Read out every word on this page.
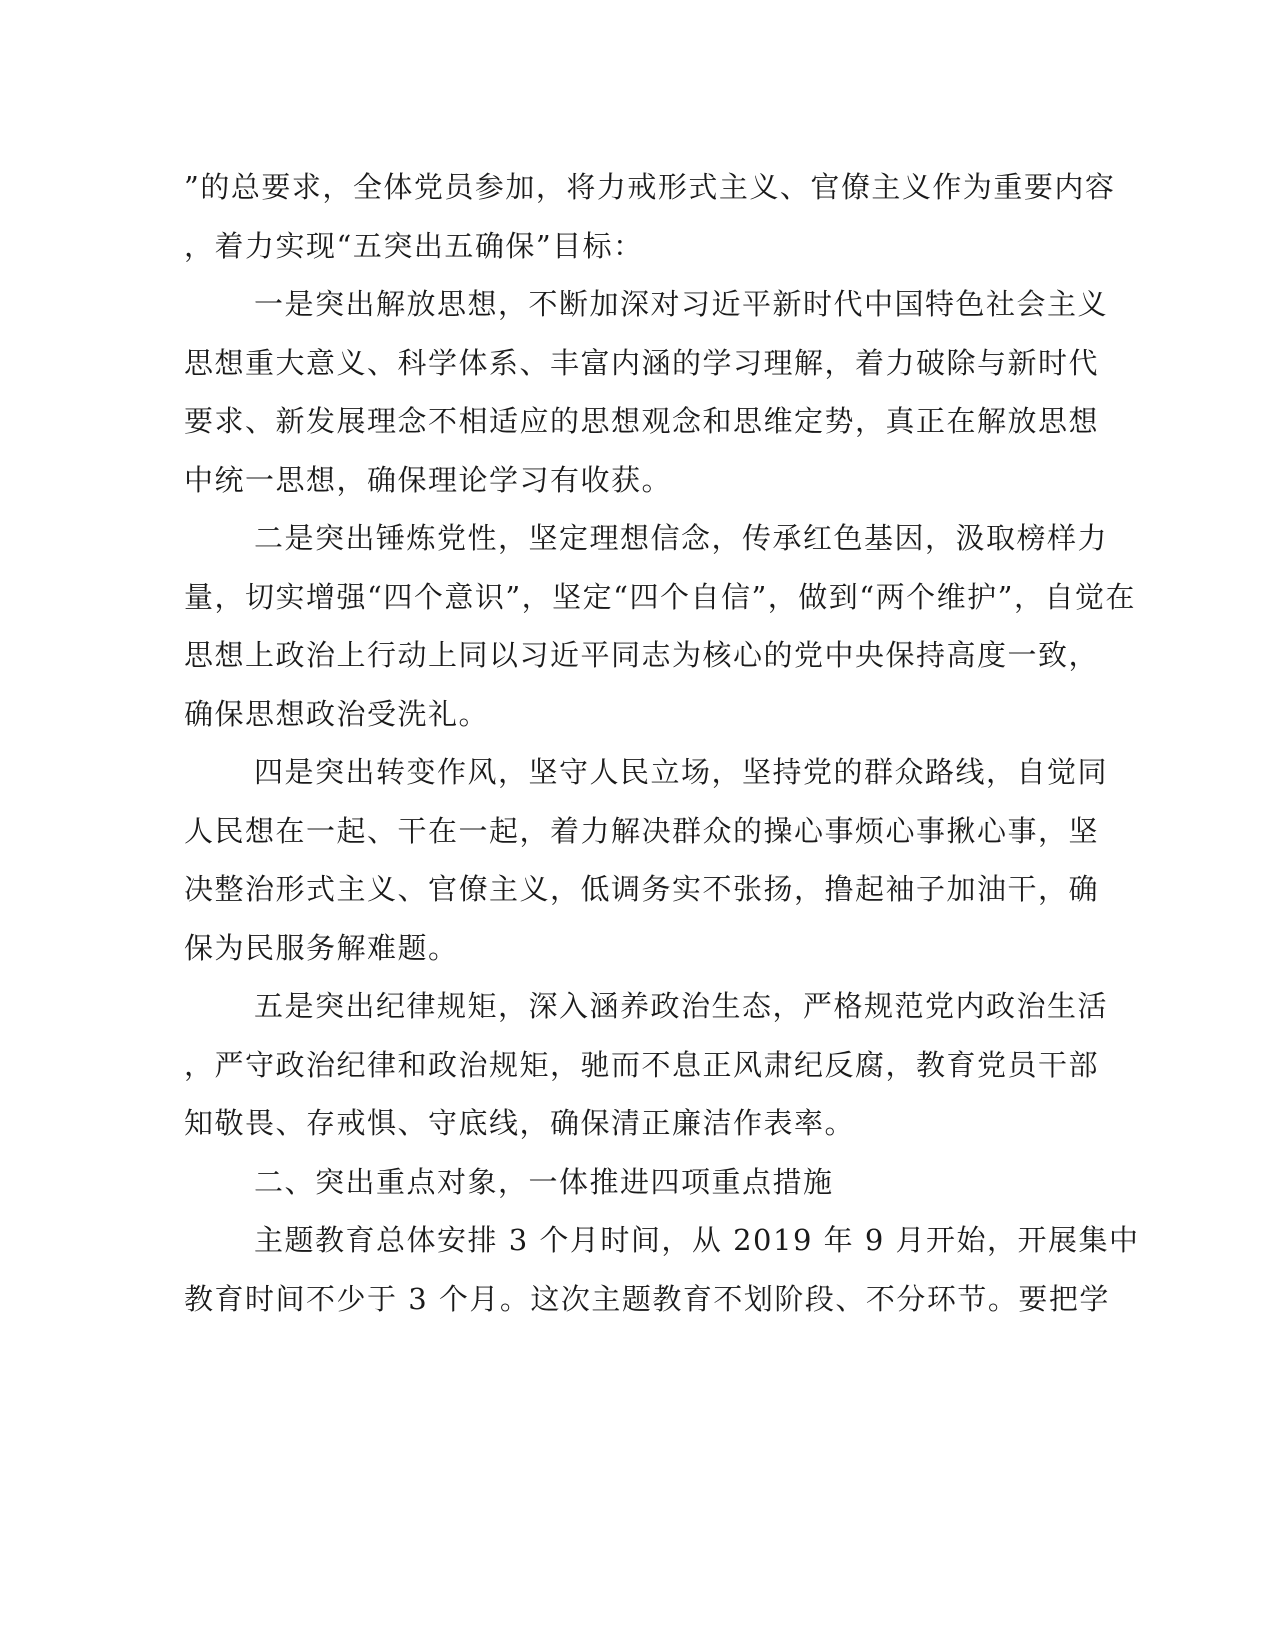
”的总要求，全体党员参加，将力戒形式主义、官僚主义作为重要内容
，着力实现“五突出五确保”目标：
一是突出解放思想，不断加深对习近平新时代中国特色社会主义
思想重大意义、科学体系、丰富内涵的学习理解，着力破除与新时代
要求、新发展理念不相适应的思想观念和思维定势，真正在解放思想
中统一思想，确保理论学习有收获。
二是突出锤炼党性，坚定理想信念，传承红色基因，汲取榜样力
量，切实增强“四个意识”，坚定“四个自信”，做到“两个维护”，自觉在
思想上政治上行动上同以习近平同志为核心的党中央保持高度一致，
确保思想政治受洗礼。
四是突出转变作风，坚守人民立场，坚持党的群众路线，自觉同
人民想在一起、干在一起，着力解决群众的操心事烦心事揪心事，坚
决整治形式主义、官僚主义，低调务实不张扬，撸起袖子加油干，确
保为民服务解难题。
五是突出纪律规矩，深入涵养政治生态，严格规范党内政治生活
，严守政治纪律和政治规矩，驰而不息正风肃纪反腐，教育党员干部
知敬畏、存戒惧、守底线，确保清正廉洁作表率。
二、突出重点对象，一体推进四项重点措施
主题教育总体安排 3 个月时间，从 2019 年 9 月开始，开展集中
教育时间不少于 3 个月。这次主题教育不划阶段、不分环节。要把学
